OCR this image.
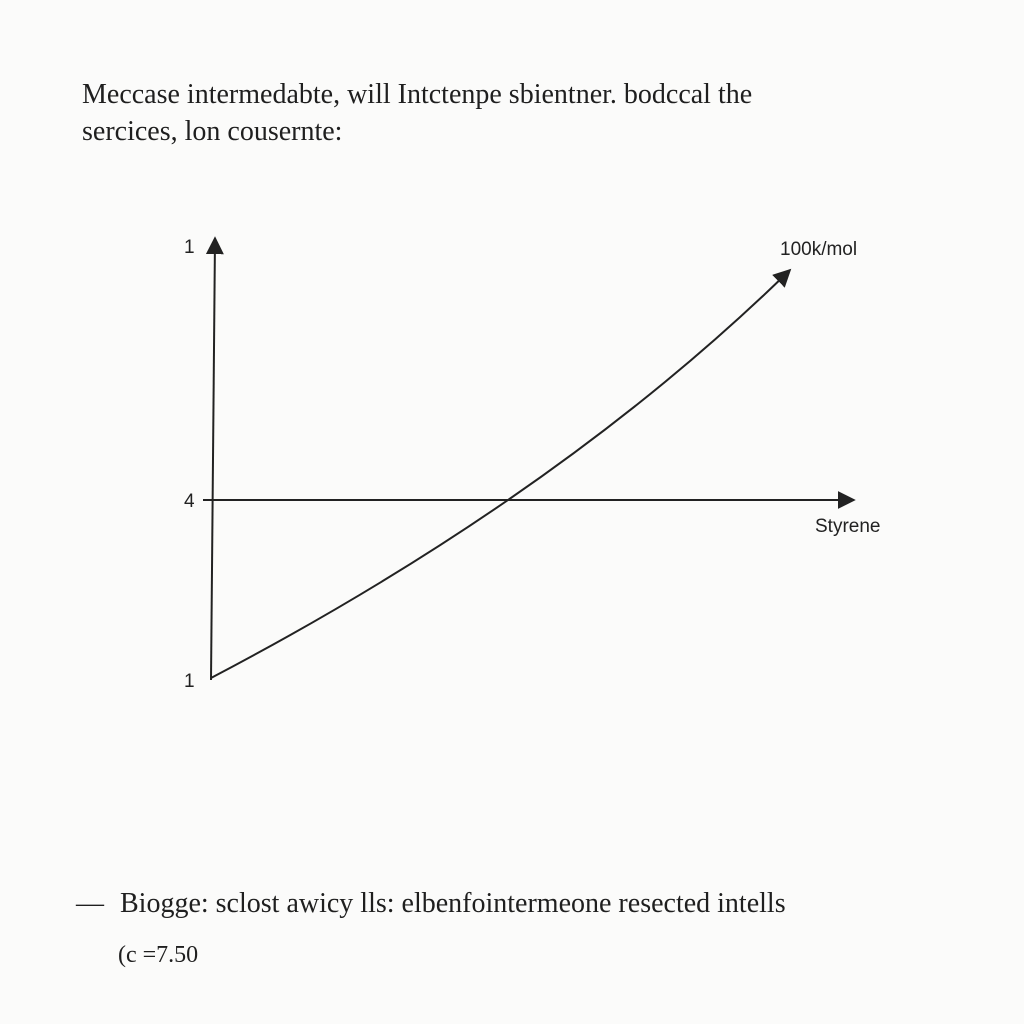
Meccase intermedabte, will Intctenpe sbientner. bodccal the
sercices, lon cousernte:
1
4
1
100k/mol
Styrene
— Biogge: sclost awicy lls: elbenfointermeone resected intells
(c =7.50
